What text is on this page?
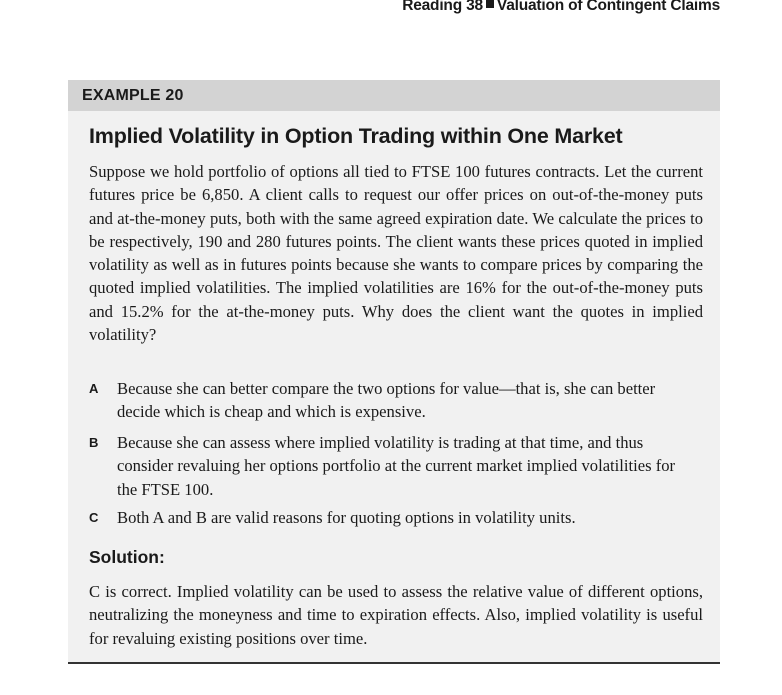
Reading 38 Valuation of Contingent Claims
EXAMPLE 20
Implied Volatility in Option Trading within One Market
Suppose we hold portfolio of options all tied to FTSE 100 futures contracts. Let the current futures price be 6,850. A client calls to request our offer prices on out-of-the-money puts and at-the-money puts, both with the same agreed expiration date. We calculate the prices to be respectively, 190 and 280 futures points. The client wants these prices quoted in implied volatility as well as in futures points because she wants to compare prices by comparing the quoted implied volatilities. The implied volatilities are 16% for the out-of-the-money puts and 15.2% for the at-the-money puts. Why does the client want the quotes in implied volatility?
A Because she can better compare the two options for value—that is, she can better decide which is cheap and which is expensive.
B Because she can assess where implied volatility is trading at that time, and thus consider revaluing her options portfolio at the current market implied volatilities for the FTSE 100.
C Both A and B are valid reasons for quoting options in volatility units.
Solution:
C is correct. Implied volatility can be used to assess the relative value of different options, neutralizing the moneyness and time to expiration effects. Also, implied volatility is useful for revaluing existing positions over time.
